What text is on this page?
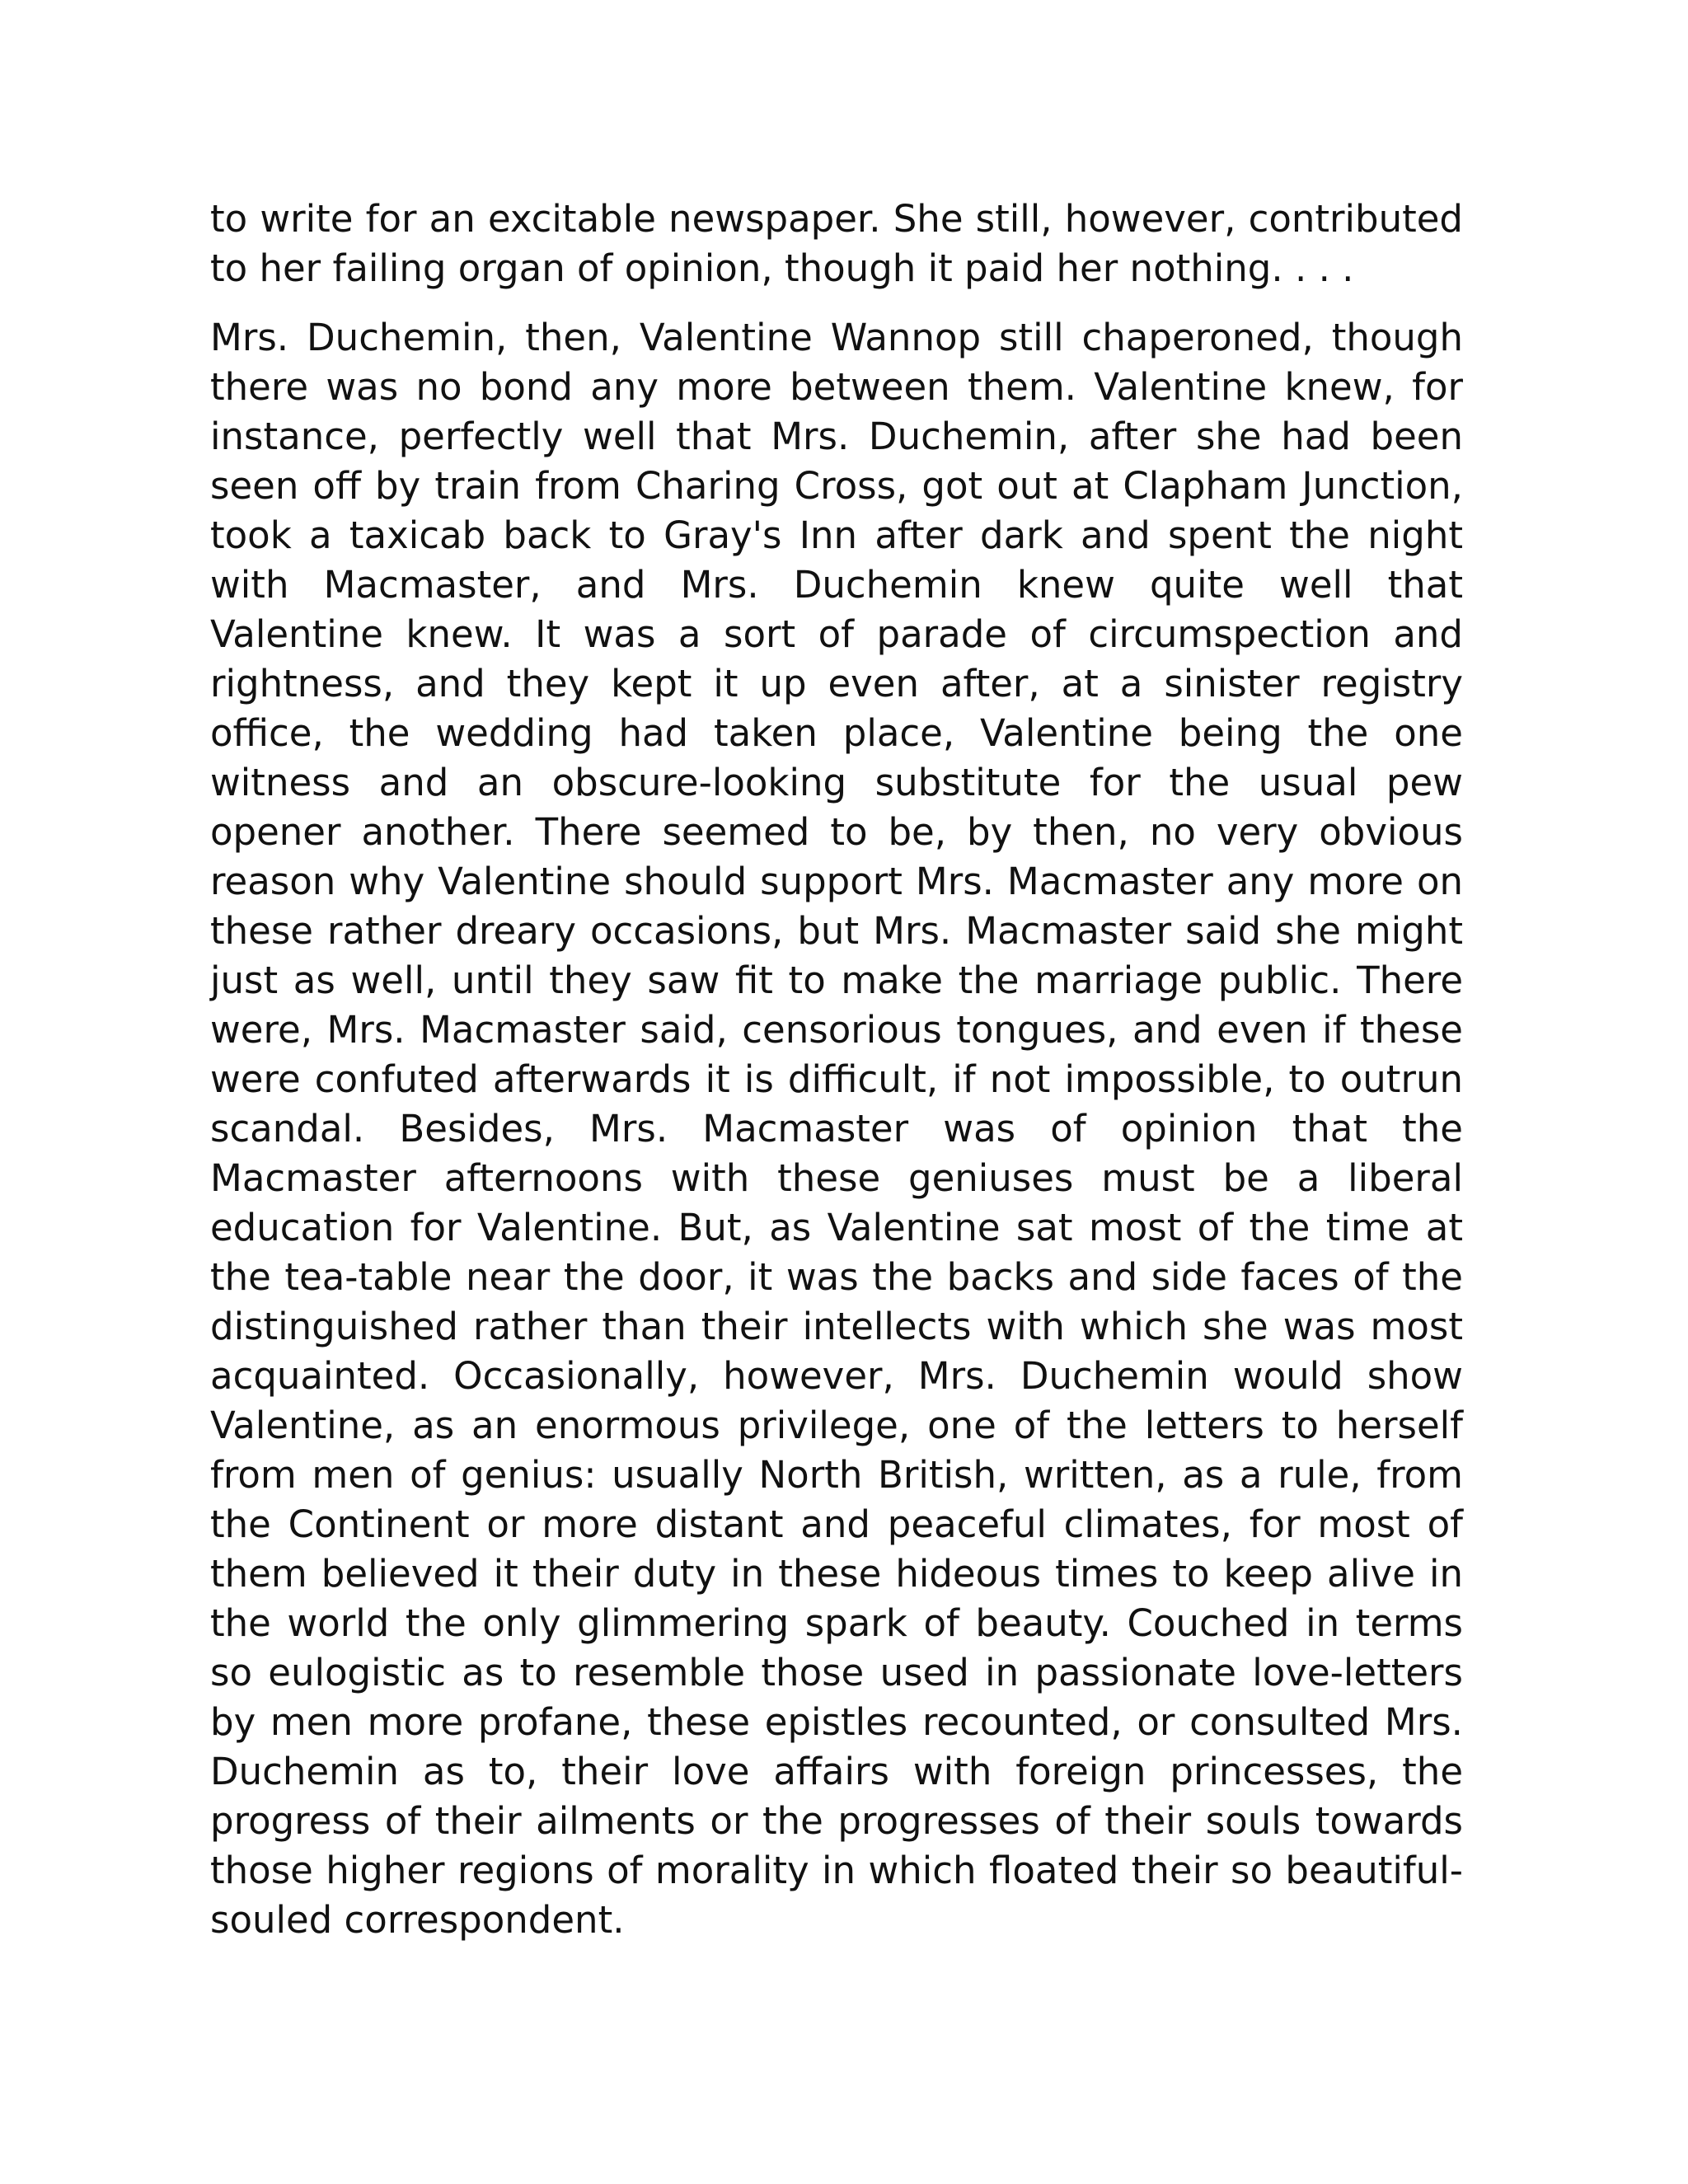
to write for an excitable newspaper. She still, however, contributed to her failing organ of opinion, though it paid her nothing. . . .

Mrs. Duchemin, then, Valentine Wannop still chaperoned, though there was no bond any more between them. Valentine knew, for instance, perfectly well that Mrs. Duchemin, after she had been seen off by train from Charing Cross, got out at Clapham Junction, took a taxicab back to Gray's Inn after dark and spent the night with Macmaster, and Mrs. Duchemin knew quite well that Valentine knew. It was a sort of parade of circumspection and rightness, and they kept it up even after, at a sinister registry office, the wedding had taken place, Valentine being the one witness and an obscure-looking substitute for the usual pew opener another. There seemed to be, by then, no very obvious reason why Valentine should support Mrs. Macmaster any more on these rather dreary occasions, but Mrs. Macmaster said she might just as well, until they saw fit to make the marriage public. There were, Mrs. Macmaster said, censorious tongues, and even if these were confuted afterwards it is difficult, if not impossible, to outrun scandal. Besides, Mrs. Macmaster was of opinion that the Macmaster afternoons with these geniuses must be a liberal education for Valentine. But, as Valentine sat most of the time at the tea-table near the door, it was the backs and side faces of the distinguished rather than their intellects with which she was most acquainted. Occasionally, however, Mrs. Duchemin would show Valentine, as an enormous privilege, one of the letters to herself from men of genius: usually North British, written, as a rule, from the Continent or more distant and peaceful climates, for most of them believed it their duty in these hideous times to keep alive in the world the only glimmering spark of beauty. Couched in terms so eulogistic as to resemble those used in passionate love-letters by men more profane, these epistles recounted, or consulted Mrs. Duchemin as to, their love affairs with foreign princesses, the progress of their ailments or the progresses of their souls towards those higher regions of morality in which floated their so beautiful-souled correspondent.
